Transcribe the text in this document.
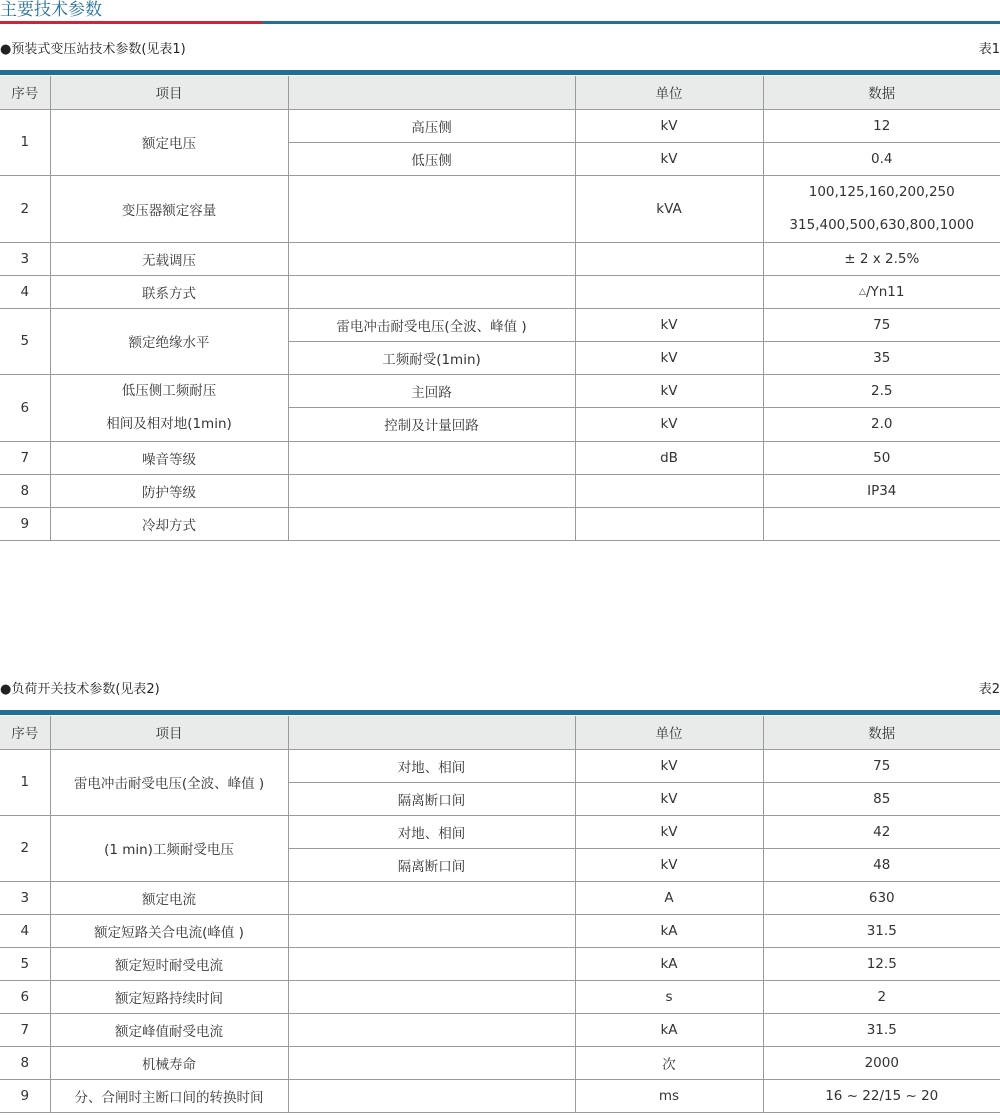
主要技术参数
●预装式变压站技术参数(见表1)	表1
序号	项目		单位	数据
1	额定电压	高压侧	kV	12
		低压侧	kV	0.4
2	变压器额定容量		kVA	100,125,160,200,250
315,400,500,630,800,1000

3	无载调压			± 2 x 2.5%
4	联系方式			△/Yn11
5	额定绝缘水平	雷电冲击耐受电压(全波、峰值 )	kV	75
		工频耐受(1min)	kV	35
6	低压侧工频耐压
相间及相对地(1min)	主回路	kV	2.5
		控制及计量回路	kV	2.0
7	噪音等级		dB	50
8	防护等级			IP34
9	冷却方式			
●负荷开关技术参数(见表2)	表2
序号	项目		单位	数据
1	雷电冲击耐受电压(全波、峰值 )	对地、相间	kV	75
		隔离断口间	kV	85
2	(1 min)工频耐受电压	对地、相间	kV	42
		隔离断口间	kV	48
3	额定电流		A	630
4	额定短路关合电流(峰值 )		kA	31.5
5	额定短时耐受电流		kA	12.5
6	额定短路持续时间		s	2
7	额定峰值耐受电流		kA	31.5
8	机械寿命		次	2000
9	分、合闸时主断口间的转换时间		ms	16 ~ 22/15 ~ 20
